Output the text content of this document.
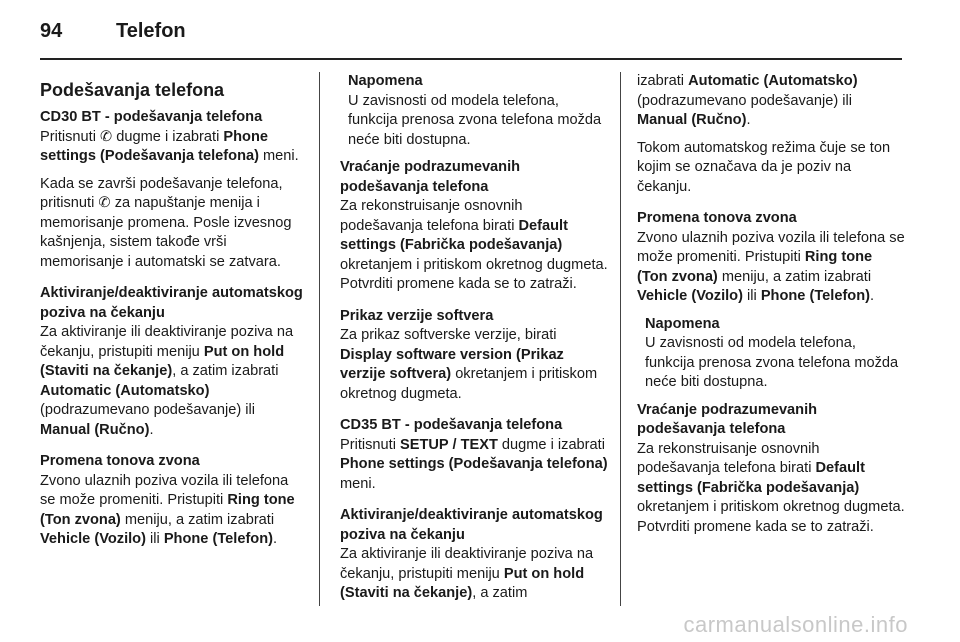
94	Telefon
Podešavanja telefona

CD30 BT - podešavanja telefona

Pritisnuti ✆ dugme i izabrati Phone settings (Podešavanja telefona) meni.

Kada se završi podešavanje telefona, pritisnuti ✆ za napuštanje menija i memorisanje promena. Posle izvesnog kašnjenja, sistem takođe vrši memorisanje i automatski se zatvara.

Aktiviranje/deaktiviranje automatskog poziva na čekanju

Za aktiviranje ili deaktiviranje poziva na čekanju, pristupiti meniju Put on hold (Staviti na čekanje), a zatim izabrati Automatic (Automatsko) (podrazumevano podešavanje) ili Manual (Ručno).

Promena tonova zvona

Zvono ulaznih poziva vozila ili telefona se može promeniti. Pristupiti Ring tone (Ton zvona) meniju, a zatim izabrati Vehicle (Vozilo) ili Phone (Telefon).

Napomena
U zavisnosti od modela telefona, funkcija prenosa zvona telefona možda neće biti dostupna.

Vraćanje podrazumevanih podešavanja telefona

Za rekonstruisanje osnovnih podešavanja telefona birati Default settings (Fabrička podešavanja) okretanjem i pritiskom okretnog dugmeta. Potvrditi promene kada se to zatraži.

Prikaz verzije softvera

Za prikaz softverske verzije, birati Display software version (Prikaz verzije softvera) okretanjem i pritiskom okretnog dugmeta.

CD35 BT - podešavanja telefona

Pritisnuti SETUP / TEXT dugme i izabrati Phone settings (Podešavanja telefona) meni.

Aktiviranje/deaktiviranje automatskog poziva na čekanju

Za aktiviranje ili deaktiviranje poziva na čekanju, pristupiti meniju Put on hold (Staviti na čekanje), a zatim

izabrati Automatic (Automatsko) (podrazumevano podešavanje) ili Manual (Ručno).

Tokom automatskog režima čuje se ton kojim se označava da je poziv na čekanju.

Promena tonova zvona

Zvono ulaznih poziva vozila ili telefona se može promeniti. Pristupiti Ring tone (Ton zvona) meniju, a zatim izabrati Vehicle (Vozilo) ili Phone (Telefon).

Napomena
U zavisnosti od modela telefona, funkcija prenosa zvona telefona možda neće biti dostupna.

Vraćanje podrazumevanih podešavanja telefona

Za rekonstruisanje osnovnih podešavanja telefona birati Default settings (Fabrička podešavanja) okretanjem i pritiskom okretnog dugmeta. Potvrditi promene kada se to zatraži.

carmanualsonline.info
